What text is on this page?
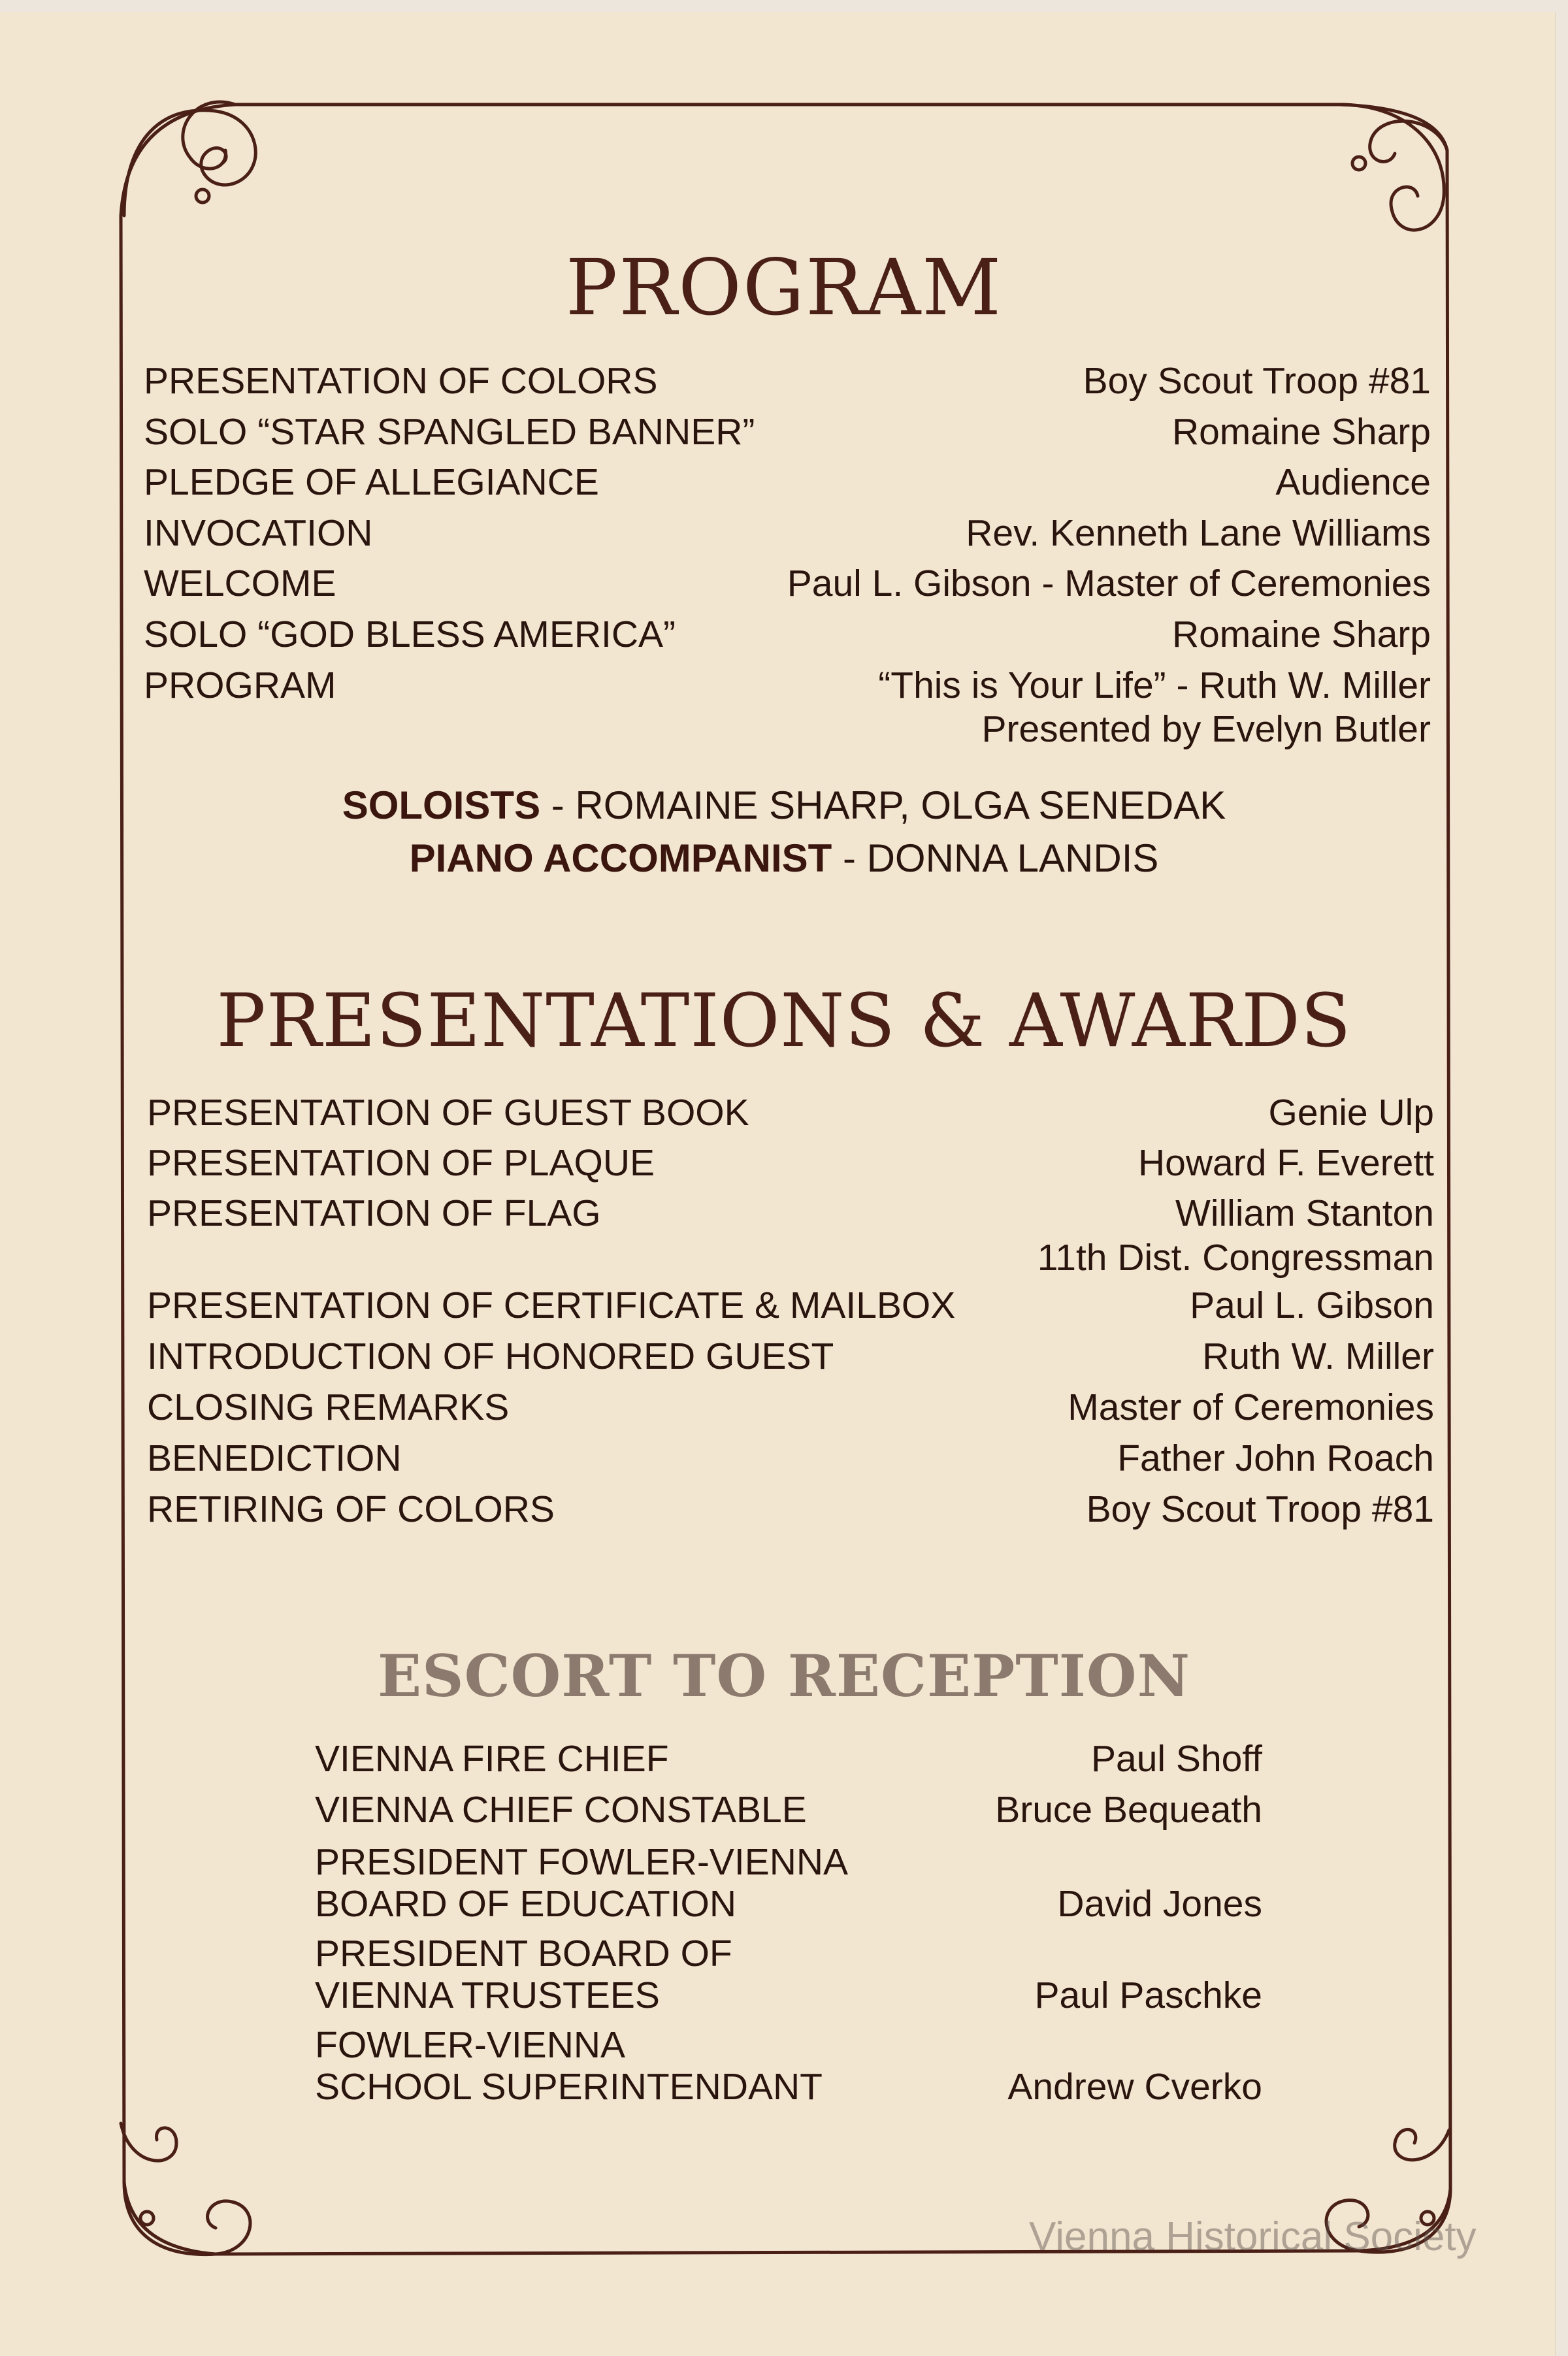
PROGRAM
PRESENTATION OF COLORS	Boy Scout Troop #81
SOLO “STAR SPANGLED BANNER”	Romaine Sharp
PLEDGE OF ALLEGIANCE	Audience
INVOCATION	Rev. Kenneth Lane Williams
WELCOME	Paul L. Gibson - Master of Ceremonies
SOLO “GOD BLESS AMERICA”	Romaine Sharp
PROGRAM	“This is Your Life” - Ruth W. Miller
Presented by Evelyn Butler
SOLOISTS - ROMAINE SHARP, OLGA SENEDAK
PIANO ACCOMPANIST - DONNA LANDIS
PRESENTATIONS & AWARDS
PRESENTATION OF GUEST BOOK	Genie Ulp
PRESENTATION OF PLAQUE	Howard F. Everett
PRESENTATION OF FLAG	William Stanton
11th Dist. Congressman
PRESENTATION OF CERTIFICATE & MAILBOX	Paul L. Gibson
INTRODUCTION OF HONORED GUEST	Ruth W. Miller
CLOSING REMARKS	Master of Ceremonies
BENEDICTION	Father John Roach
RETIRING OF COLORS	Boy Scout Troop #81
ESCORT TO RECEPTION
VIENNA FIRE CHIEF	Paul Shoff
VIENNA CHIEF CONSTABLE	Bruce Bequeath
PRESIDENT FOWLER-VIENNA
BOARD OF EDUCATION	David Jones
PRESIDENT BOARD OF
VIENNA TRUSTEES	Paul Paschke
FOWLER-VIENNA
SCHOOL SUPERINTENDANT	Andrew Cverko
Vienna Historical Society
